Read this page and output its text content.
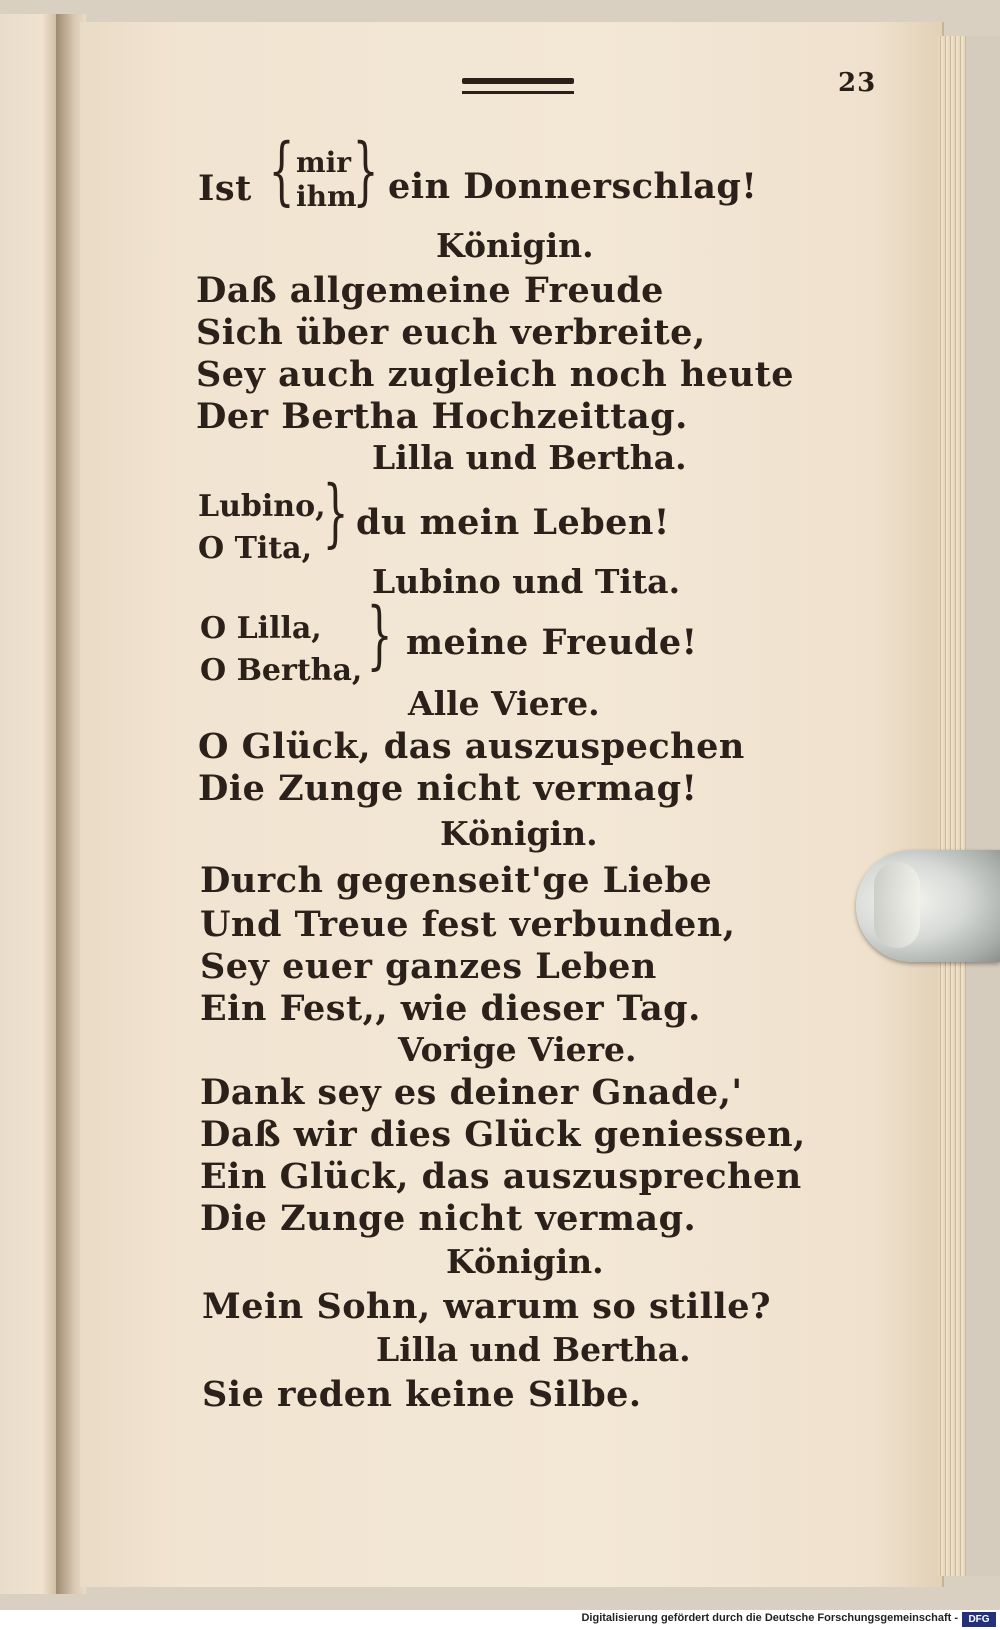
23
Ist { mir
ihm
} ein Donnerschlag!
Königin.
Daß allgemeine Freude
Sich über euch verbreite,
Sey auch zugleich noch heute
Der Bertha Hochzeittag.
Lilla und Bertha.
Lubino,
O Tita, } du mein Leben!
Lubino und Tita.
O Lilla,
O Bertha, } meine Freude!
Alle Viere.
O Glück, das auszuspechen
Die Zunge nicht vermag!
Königin.
Durch gegenseit'ge Liebe
Und Treue fest verbunden,
Sey euer ganzes Leben
Ein Fest,, wie dieser Tag.
Vorige Viere.
Dank sey es deiner Gnade,'
Daß wir dies Glück geniessen,
Ein Glück, das auszusprechen
Die Zunge nicht vermag.
Königin.
Mein Sohn, warum so stille?
Lilla und Bertha.
Sie reden keine Silbe.
Digitalisierung gefördert durch die Deutsche Forschungsgemeinschaft -	DFG
